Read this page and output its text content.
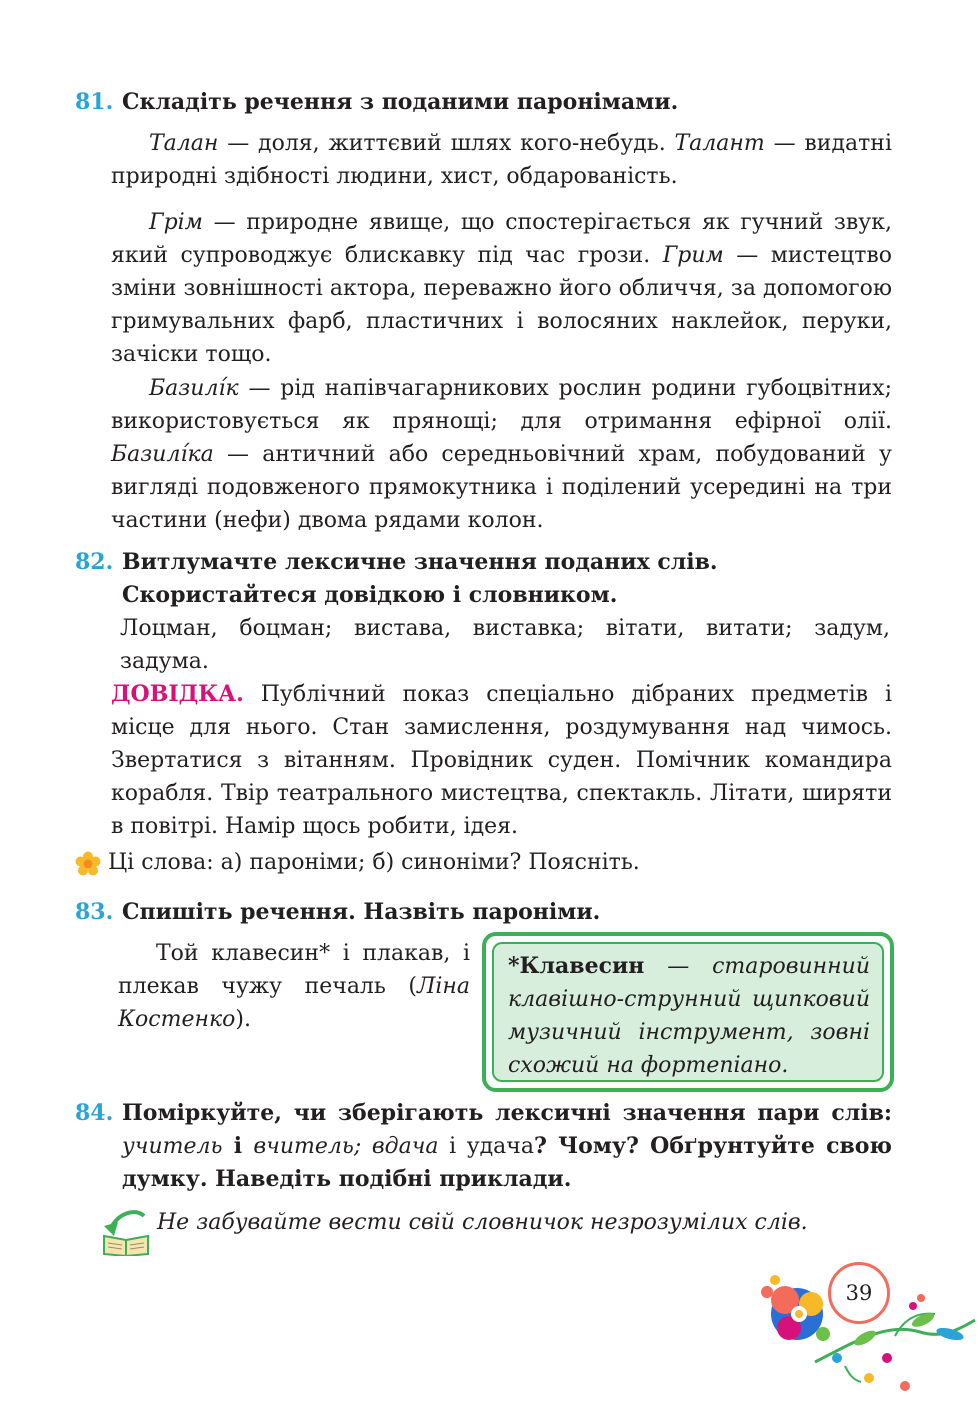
81. Складіть речення з поданими паронімами.
Талан — доля, життєвий шлях кого-небудь. Талант — видатні природні здібності людини, хист, обдарованість.
Грім — природне явище, що спостерігається як гучний звук, який супроводжує блискавку під час грози. Грим — мистецтво зміни зовнішності актора, переважно його обличчя, за допомогою гримувальних фарб, пластичних і волосяних наклейок, перуки, зачіски тощо.
Базилі́к — рід напівчагарникових рослин родини губоцвітних; використовується як прянощі; для отримання ефірної олії. Базилі́ка — античний або середньовічний храм, побудований у вигляді подовженого прямокутника і поділений усередині на три частини (нефи) двома рядами колон.
82. Витлумачте лексичне значення поданих слів. Скористайтеся довідкою і словником.
Лоцман, боцман; вистава, виставка; вітати, витати; задум, задума.
ДОВІДКА. Публічний показ спеціально дібраних предметів і місце для нього. Стан замислення, роздумування над чимось. Звертатися з вітанням. Провідник суден. Помічник командира корабля. Твір театрального мистецтва, спектакль. Літати, ширяти в повітрі. Намір щось робити, ідея.
Ці слова: а) пароніми; б) синоніми? Поясніть.
83. Спишіть речення. Назвіть пароніми.
Той клавесин* і плакав, і плекав чужу печаль (Ліна Костенко).
*Клавесин — старовинний клавішно-струнний щипковий музичний інструмент, зовні схожий на фортепіано.
84. Поміркуйте, чи зберігають лексичні значення пари слів: учитель і вчитель; вдача і удача? Чому? Обґрунтуйте свою думку. Наведіть подібні приклади.
Не забувайте вести свій словничок незрозумілих слів.
39
